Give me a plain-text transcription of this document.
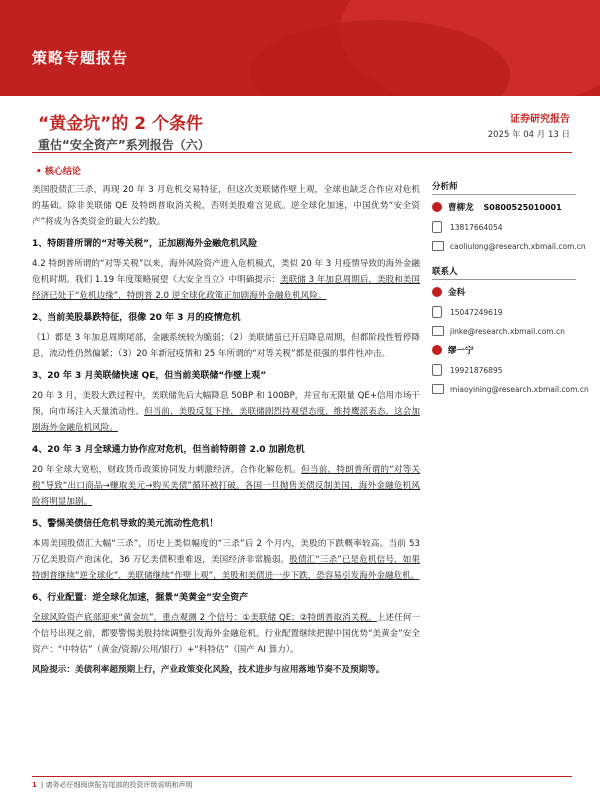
策略专题报告
“黄金坑”的 2 个条件
重估“安全资产”系列报告（六）
证券研究报告
2025 年 04 月 13 日
• 核心结论

美国股债汇三杀，再现 20 年 3 月危机交易特征，但这次美联储作壁上观，全球也缺乏合作应对危机的基础。除非美联储 QE 及特朗普取消关税，否则美股难言见底。逆全球化加速，中国优势“安全资产”将成为各类资金的最大公约数。

1、特朗普所谓的“对等关税”，正加剧海外金融危机风险

4.2 特朗普所谓的“对等关税”以来，海外风险资产进入危机模式，类似 20 年 3 月疫情导致的海外金融危机时期。我们 1.19 年度策略展望《大安全当立》中明确提示：美联储 3 年加息周期后，美股和美国经济已处于“危机边缘”，特朗普 2.0 逆全球化政策正加剧海外金融危机风险。

2、当前美股暴跌特征，很像 20 年 3 月的疫情危机

（1）都是 3 年加息周期尾部，金融系统较为脆弱；（2）美联储虽已开启降息周期，但都阶段性暂停降息，流动性仍然偏紧；（3）20 年新冠疫情和 25 年所谓的“对等关税”都是很强的事件性冲击。

3、20 年 3 月美联储快速 QE，但当前美联储“作壁上观”

20 年 3 月，美股大跌过程中，美联储先后大幅降息 50BP 和 100BP，并宣布无限量 QE+信用市场干预，向市场注入天量流动性。但当前，美股反复下挫，美联储剧烈持观望态度，维持鹰派表态，这会加剧海外金融危机风险。

4、20 年 3 月全球通力协作应对危机，但当前特朗普 2.0 加剧危机

20 年全球大宽松，财政货币政策协同发力刺激经济，合作化解危机。但当前，特朗普所谓的“对等关税”导致“出口商品→赚取美元→购买美债”循环被打破。各国一旦抛售美债反制美国，海外金融危机风险将明显加剧。

5、警惕美债信任危机导致的美元流动性危机！

本周美国股债汇大幅“三杀”，历史上类似幅度的“三杀”后 2 个月内，美股的下跌概率较高。当前 53 万亿美股资产泡沫化，36 万亿美债积重难返，美国经济非常脆弱。股债汇“三杀”已是危机信号，如果特朗普继续“逆全球化”，美联储继续“作壁上观”，美股和美债进一步下跌，恐容易引发海外金融危机。

6、行业配置：逆全球化加速，掘景“美黄金”安全资产

全球风险资产底部迎来“黄金坑”，重点观测 2 个信号：①美联储 QE；②特朗普取消关税。上述任何一个信号出现之前，都要警惕美股持续调整引发海外金融危机。行业配置继续把握中国优势“美黄金”安全资产：“中特估”（黄金/资源/公用/银行）+“科特估”（国产 AI 算力）。

风险提示：美债利率超预期上行，产业政策变化风险，技术进步与应用落地节奏不及预期等。

分析师
曹柳龙 S0800525010001
13817664054
caoliulong@research.xbmail.com.cn
联系人
金科
15047249619
jinke@research.xbmail.com.cn
缪一宁
19921876895
miaoyining@research.xbmail.com.cn
1 | 请务必仔细阅读报告尾部的投资评级说明和声明
